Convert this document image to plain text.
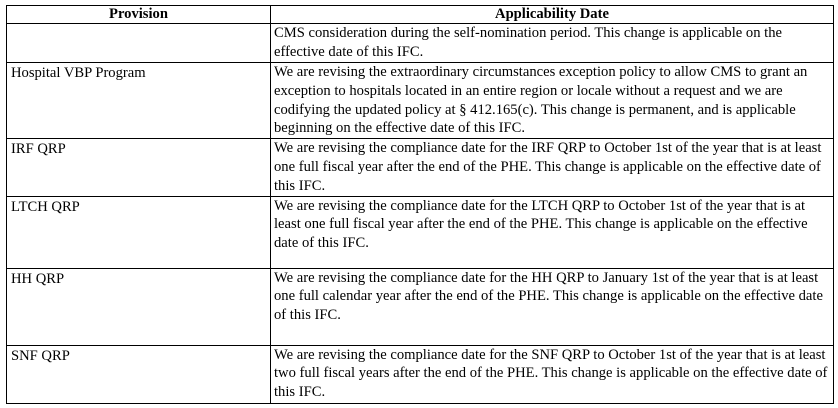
Provision	Applicability Date
	CMS consideration during the self-nomination period. This change is applicable on the effective date of this IFC.
Hospital VBP Program	We are revising the extraordinary circumstances exception policy to allow CMS to grant an exception to hospitals located in an entire region or locale without a request and we are codifying the updated policy at § 412.165(c). This change is permanent, and is applicable beginning on the effective date of this IFC.
IRF QRP	We are revising the compliance date for the IRF QRP to October 1st of the year that is at least one full fiscal year after the end of the PHE. This change is applicable on the effective date of this IFC.
LTCH QRP	We are revising the compliance date for the LTCH QRP to October 1st of the year that is at least one full fiscal year after the end of the PHE. This change is applicable on the effective date of this IFC.
HH QRP	We are revising the compliance date for the HH QRP to January 1st of the year that is at least one full calendar year after the end of the PHE. This change is applicable on the effective date of this IFC.
SNF QRP	We are revising the compliance date for the SNF QRP to October 1st of the year that is at least two full fiscal years after the end of the PHE. This change is applicable on the effective date of this IFC.
